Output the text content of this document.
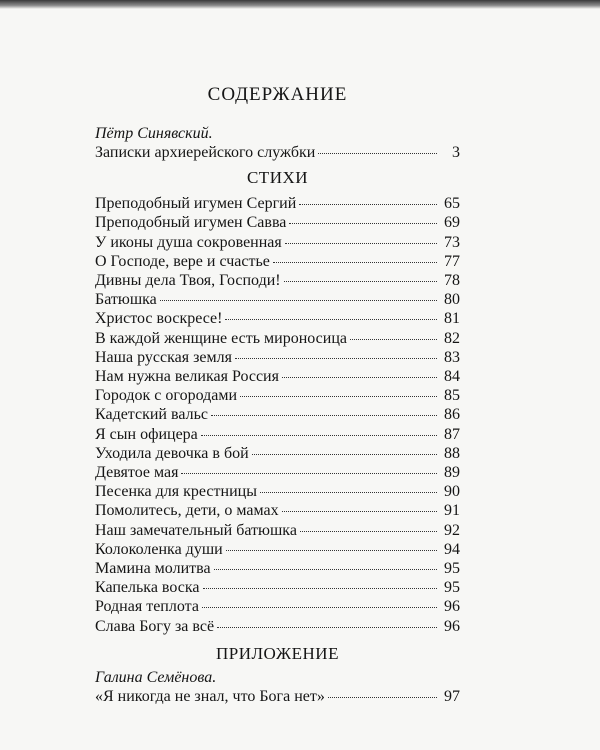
СОДЕРЖАНИЕ
Пётр Синявский.
Записки архиерейского службки	3
СТИХИ
Преподобный игумен Сергий	65
Преподобный игумен Савва	69
У иконы душа сокровенная	73
О Господе, вере и счастье	77
Дивны дела Твоя, Господи!	78
Батюшка	80
Христос воскресе!	81
В каждой женщине есть мироносица	82
Наша русская земля	83
Нам нужна великая Россия	84
Городок с огородами	85
Кадетский вальс	86
Я сын офицера	87
Уходила девочка в бой	88
Девятое мая	89
Песенка для крестницы	90
Помолитесь, дети, о мамах	91
Наш замечательный батюшка	92
Колоколенка души	94
Мамина молитва	95
Капелька воска	95
Родная теплота	96
Слава Богу за всё	96
ПРИЛОЖЕНИЕ
Галина Семёнова.
«Я никогда не знал, что Бога нет»	97
